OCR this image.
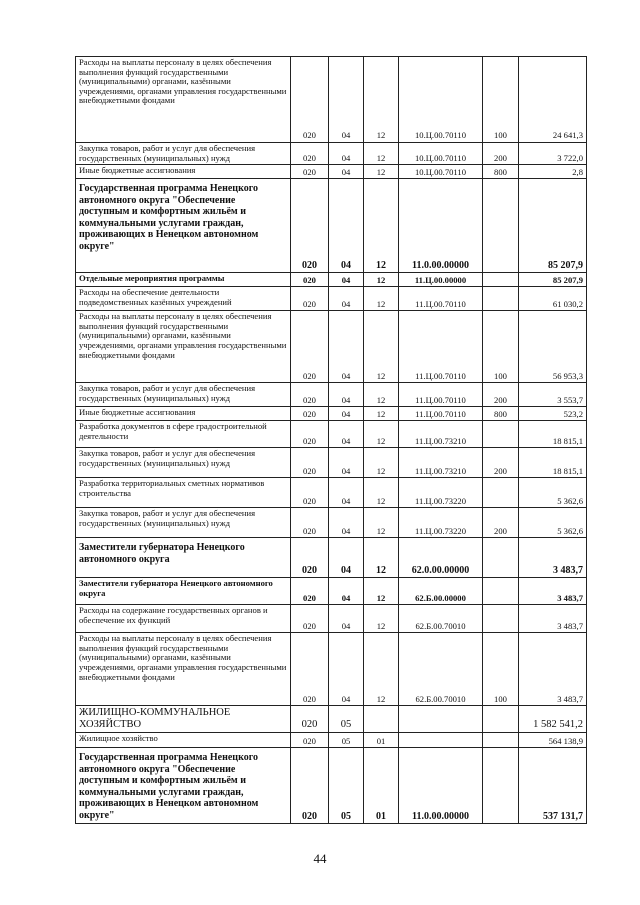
Расходы на выплаты персоналу в целях обеспечения выполнения функций государственными (муниципальными) органами, казёнными учреждениями, органами управления государственными внебюджетными фондами	020	04	12	10.Ц.00.70110	100	24 641,3
Закупка товаров, работ и услуг для обеспечения государственных (муниципальных) нужд	020	04	12	10.Ц.00.70110	200	3 722,0
Иные бюджетные ассигнования	020	04	12	10.Ц.00.70110	800	2,8
Государственная программа Ненецкого автономного округа "Обеспечение доступным и комфортным жильём и коммунальными услугами граждан, проживающих в Ненецком автономном округе"	020	04	12	11.0.00.00000		85 207,9
Отдельные мероприятия программы	020	04	12	11.Ц.00.00000		85 207,9
Расходы на обеспечение деятельности подведомственных казённых учреждений	020	04	12	11.Ц.00.70110		61 030,2
Расходы на выплаты персоналу в целях обеспечения выполнения функций государственными (муниципальными) органами, казёнными учреждениями, органами управления государственными внебюджетными фондами	020	04	12	11.Ц.00.70110	100	56 953,3
Закупка товаров, работ и услуг для обеспечения государственных (муниципальных) нужд	020	04	12	11.Ц.00.70110	200	3 553,7
Иные бюджетные ассигнования	020	04	12	11.Ц.00.70110	800	523,2
Разработка документов в сфере градостроительной деятельности	020	04	12	11.Ц.00.73210		18 815,1
Закупка товаров, работ и услуг для обеспечения государственных (муниципальных) нужд	020	04	12	11.Ц.00.73210	200	18 815,1
Разработка территориальных сметных нормативов строительства	020	04	12	11.Ц.00.73220		5 362,6
Закупка товаров, работ и услуг для обеспечения государственных (муниципальных) нужд	020	04	12	11.Ц.00.73220	200	5 362,6
Заместители губернатора Ненецкого автономного округа	020	04	12	62.0.00.00000		3 483,7
Заместители губернатора Ненецкого автономного округа	020	04	12	62.Б.00.00000		3 483,7
Расходы на содержание государственных органов и обеспечение их функций	020	04	12	62.Б.00.70010		3 483,7
Расходы на выплаты персоналу в целях обеспечения выполнения функций государственными (муниципальными) органами, казёнными учреждениями, органами управления государственными внебюджетными фондами	020	04	12	62.Б.00.70010	100	3 483,7
ЖИЛИЩНО-КОММУНАЛЬНОЕ ХОЗЯЙСТВО	020	05				1 582 541,2
Жилищное хозяйство	020	05	01			564 138,9
Государственная программа Ненецкого автономного округа "Обеспечение доступным и комфортным жильём и коммунальными услугами граждан, проживающих в Ненецком автономном округе"	020	05	01	11.0.00.00000		537 131,7
44
